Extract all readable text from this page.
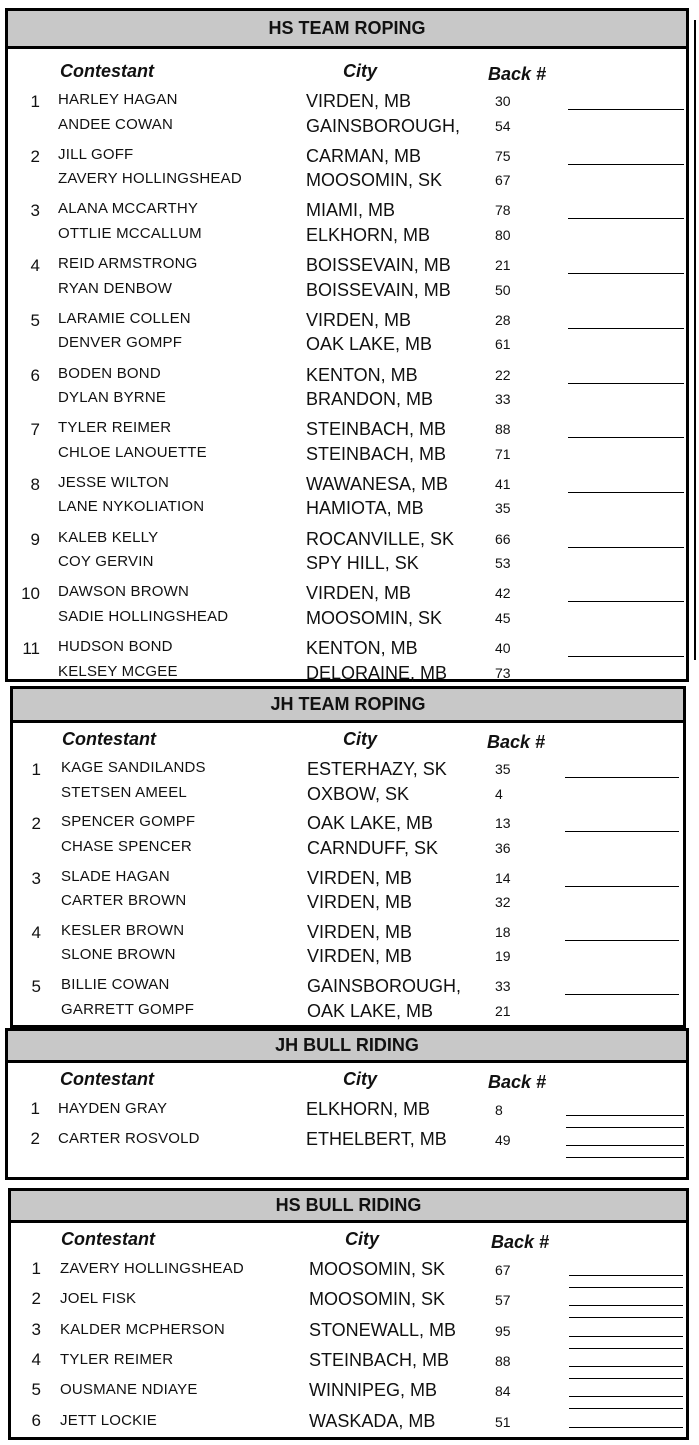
HS TEAM ROPING
Contestant	City	Back #
1 HARLEY HAGAN	VIRDEN, MB	30
ANDEE COWAN	GAINSBOROUGH, 54
2 JILL GOFF	CARMAN, MB	75
ZAVERY HOLLINGSHEAD	MOOSOMIN, SK	67
3 ALANA MCCARTHY	MIAMI, MB	78
OTTLIE MCCALLUM	ELKHORN, MB	80
4 REID ARMSTRONG	BOISSEVAIN, MB	21
RYAN DENBOW	BOISSEVAIN, MB	50
5 LARAMIE COLLEN	VIRDEN, MB	28
DENVER GOMPF	OAK LAKE, MB	61
6 BODEN BOND	KENTON, MB	22
DYLAN BYRNE	BRANDON, MB	33
7 TYLER REIMER	STEINBACH, MB	88
CHLOE LANOUETTE	STEINBACH, MB	71
8 JESSE WILTON	WAWANESA, MB	41
LANE NYKOLIATION	HAMIOTA, MB	35
9 KALEB KELLY	ROCANVILLE, SK	66
COY GERVIN	SPY HILL, SK	53
10 DAWSON BROWN	VIRDEN, MB	42
SADIE HOLLINGSHEAD	MOOSOMIN, SK	45
11 HUDSON BOND	KENTON, MB	40
KELSEY MCGEE	DELORAINE, MB	73
JH TEAM ROPING
Contestant	City	Back #
1 KAGE SANDILANDS	ESTERHAZY, SK	35
STETSEN AMEEL	OXBOW, SK	4
2 SPENCER GOMPF	OAK LAKE, MB	13
CHASE SPENCER	CARNDUFF, SK	36
3 SLADE HAGAN	VIRDEN, MB	14
CARTER BROWN	VIRDEN, MB	32
4 KESLER BROWN	VIRDEN, MB	18
SLONE BROWN	VIRDEN, MB	19
5 BILLIE COWAN	GAINSBOROUGH, 33
GARRETT GOMPF	OAK LAKE, MB	21
JH BULL RIDING
Contestant	City	Back #
1 HAYDEN GRAY	ELKHORN, MB	8
2 CARTER ROSVOLD	ETHELBERT, MB	49
HS BULL RIDING
Contestant	City	Back #
1 ZAVERY HOLLINGSHEAD	MOOSOMIN, SK	67
2 JOEL FISK	MOOSOMIN, SK	57
3 KALDER MCPHERSON	STONEWALL, MB	95
4 TYLER REIMER	STEINBACH, MB	88
5 OUSMANE NDIAYE	WINNIPEG, MB	84
6 JETT LOCKIE	WASKADA, MB	51
